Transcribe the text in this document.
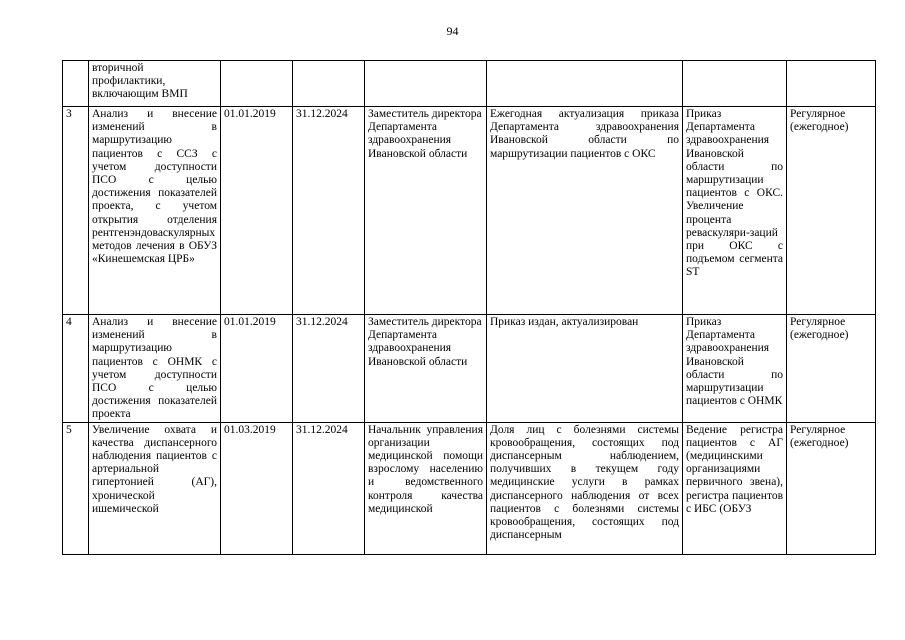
94
	вторичной профилактики, включающим ВМП						
3	Анализ и внесение изменений в маршрутизацию пациентов с ССЗ с учетом доступности ПСО с целью достижения показателей проекта, с учетом открытия отделения рентгенэндоваскулярных методов лечения в ОБУЗ «Кинешемская ЦРБ»	01.01.2019	31.12.2024	Заместитель директора Департамента здравоохранения Ивановской области	Ежегодная актуализация приказа Департамента здравоохранения Ивановской области по маршрутизации пациентов с ОКС	Приказ Департамента здравоохранения Ивановской области по маршрутизации пациентов с ОКС. Увеличение процента реваскуляри-заций при ОКС с подъемом сегмента ST	Регулярное (ежегодное)
4	Анализ и внесение изменений в маршрутизацию пациентов с ОНМК с учетом доступности ПСО с целью достижения показателей проекта	01.01.2019	31.12.2024	Заместитель директора Департамента здравоохранения Ивановской области	Приказ издан, актуализирован	Приказ Департамента здравоохранения Ивановской области по маршрутизации пациентов с ОНМК	Регулярное (ежегодное)
5	Увеличение охвата и качества диспансерного наблюдения пациентов с артериальной гипертонией (АГ), хронической ишемической	01.03.2019	31.12.2024	Начальник управления организации медицинской помощи взрослому населению и ведомственного контроля качества медицинской	Доля лиц с болезнями системы кровообращения, состоящих под диспансерным наблюдением, получивших в текущем году медицинские услуги в рамках диспансерного наблюдения от всех пациентов с болезнями системы кровообращения, состоящих под диспансерным	Ведение регистра пациентов с АГ (медицинскими организациями первичного звена), регистра пациентов с ИБС (ОБУЗ	Регулярное (ежегодное)
